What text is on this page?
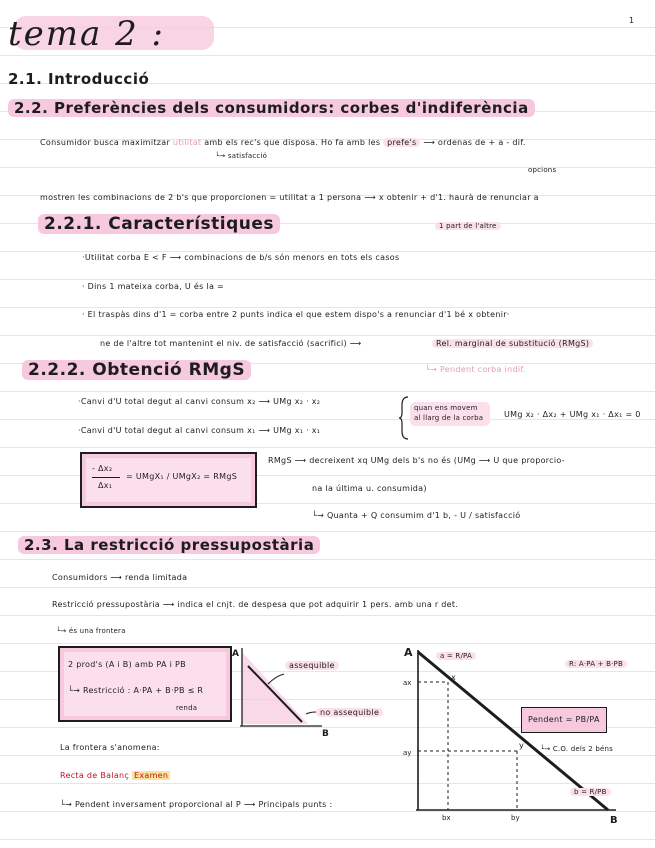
1
tema 2 :
2.1. Introducció
2.2. Preferències dels consumidors: corbes d'indiferència
Consumidor busca maximitzar utilitat amb els rec's que disposa. Ho fa amb les prefe's ⟶ ordenas de + a - dif.
└→ satisfacció
opcions
mostren les combinacions de 2 b's que proporcionen = utilitat a 1 persona ⟶ x obtenir + d'1. haurà de renunciar a
2.2.1. Característiques	1 part de l'altre
·Utilitat corba E < F ⟶ combinacions de b/s són menors en tots els casos
· Dins 1 mateixa corba, U és la =
· El traspàs dins d'1 = corba entre 2 punts indica el que estem dispo's a renunciar d'1 bé x obtenir·
ne de l'altre tot mantenint el niv. de satisfacció (sacrifici) ⟶	Rel. marginal de substitució (RMgS)
└→ Pendent corba indif.
2.2.2. Obtenció RMgS
·Canvi d'U total degut al canvi consum x₂ ⟶ UMg x₂ · x₂
·Canvi d'U total degut al canvi consum x₁ ⟶ UMg x₁ · x₁
quan ens movem
al llarg de la corba	UMg x₂ · Δx₂ + UMg x₁ · Δx₁ = 0
- Δx₂
Δx₁
= UMgX₁ / UMgX₂ = RMgS
RMgS ⟶ decreixent xq UMg dels b's no és (UMg ⟶ U que proporcio-
na la última u. consumida)
└→ Quanta + Q consumim d'1 b, - U / satisfacció
2.3. La restricció pressupostària
Consumidors ⟶ renda limitada
Restricció pressupostària ⟶ indica el cnjt. de despesa que pot adquirir 1 pers. amb una r det.
└→ és una frontera
2 prod's (A i B) amb PA i PB
└→ Restricció : A·PA + B·PB ≤ R
renda
A
B
assequible
no assequible
La frontera s'anomena:
Recta de Balanç Examen
└→ Pendent inversament proporcional al P ⟶ Principals punts :
A
B
ax
ay
bx	by
x
y
a = R/PA
R: A·PA + B·PB
Pendent = PB/PA
└→ C.O. dels 2 béns
b = R/PB
